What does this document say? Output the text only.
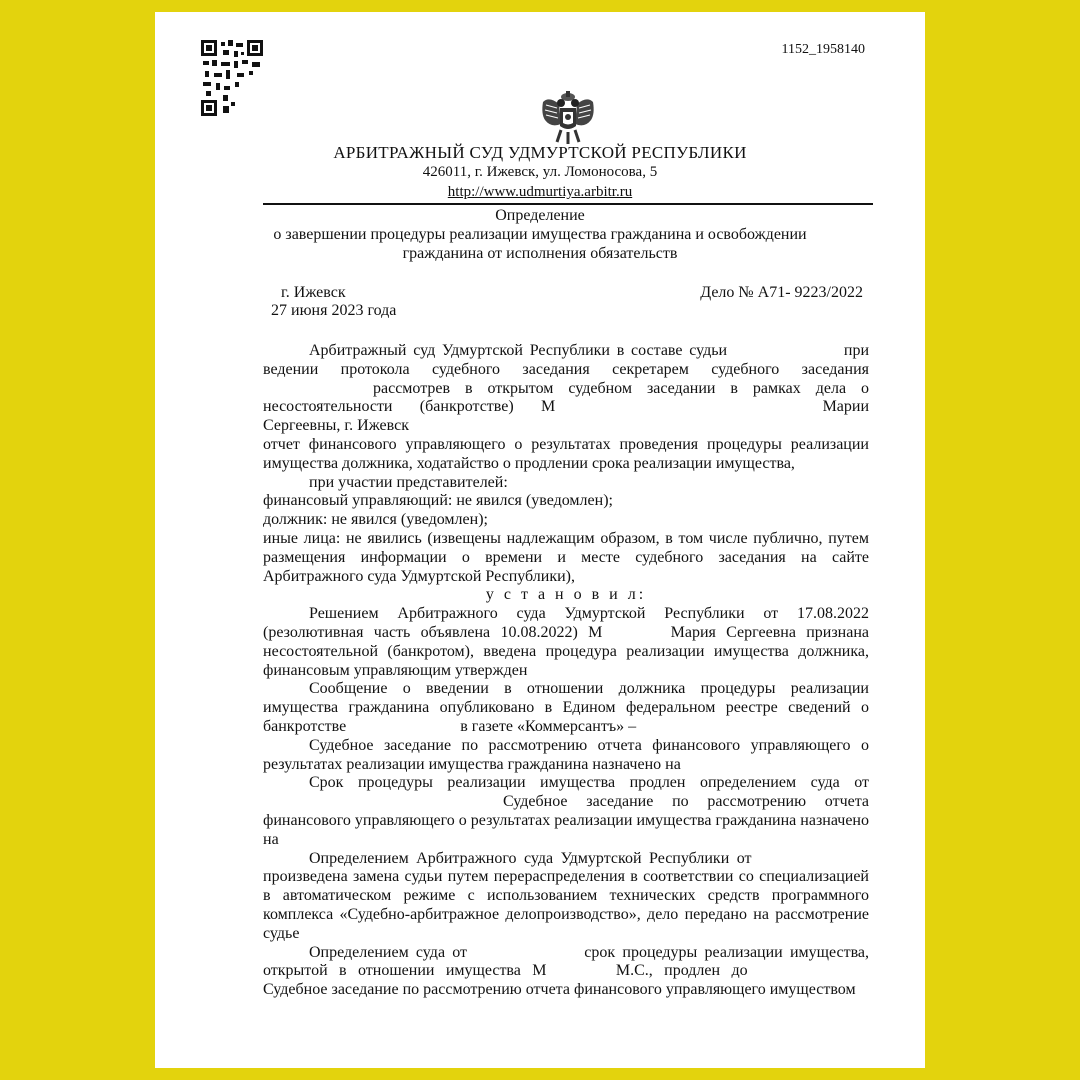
1152_1958140
АРБИТРАЖНЫЙ СУД УДМУРТСКОЙ РЕСПУБЛИКИ
426011, г. Ижевск, ул. Ломоносова, 5
http://www.udmurtiya.arbitr.ru
Определение
о завершении процедуры реализации имущества гражданина и освобождении
гражданина от исполнения обязательств
г. Ижевск
27 июня 2023 года
Дело № А71- 9223/2022

Арбитражный суд Удмуртской Республики в составе судьи	при ведении протокола судебного заседания секретарем судебного заседания рассмотрев в открытом судебном заседании в рамках дела о несостоятельности (банкротстве) М	Марии Сергеевны, г. Ижевск

отчет финансового управляющего о результатах проведения процедуры реализации имущества должника, ходатайство о продлении срока реализации имущества,

при участии представителей:

финансовый управляющий: не явился (уведомлен);

должник: не явился (уведомлен);

иные лица: не явились (извещены надлежащим образом, в том числе публично, путем размещения информации о времени и месте судебного заседания на сайте Арбитражного суда Удмуртской Республики),

у с т а н о в и л:

Решением Арбитражного суда Удмуртской Республики от 17.08.2022 (резолютивная часть объявлена 10.08.2022) М	Мария Сергеевна признана несостоятельной (банкротом), введена процедура реализации имущества должника, финансовым управляющим утвержден

Сообщение о введении в отношении должника процедуры реализации имущества гражданина опубликовано в Едином федеральном реестре сведений о банкротстве	в газете «Коммерсантъ» –

Судебное заседание по рассмотрению отчета финансового управляющего о результатах реализации имущества гражданина назначено на

Срок процедуры реализации имущества продлен определением суда от Судебное заседание по рассмотрению отчета финансового управляющего о результатах реализации имущества гражданина назначено на

Определением Арбитражного суда Удмуртской Республики от произведена замена судьи путем перераспределения в соответствии со специализацией в автоматическом режиме с использованием технических средств программного комплекса «Судебно-арбитражное делопроизводство», дело передано на рассмотрение судье

Определением суда от	срок процедуры реализации имущества, открытой в отношении имущества М	М.С., продлен до Судебное заседание по рассмотрению отчета финансового управляющего имуществом
